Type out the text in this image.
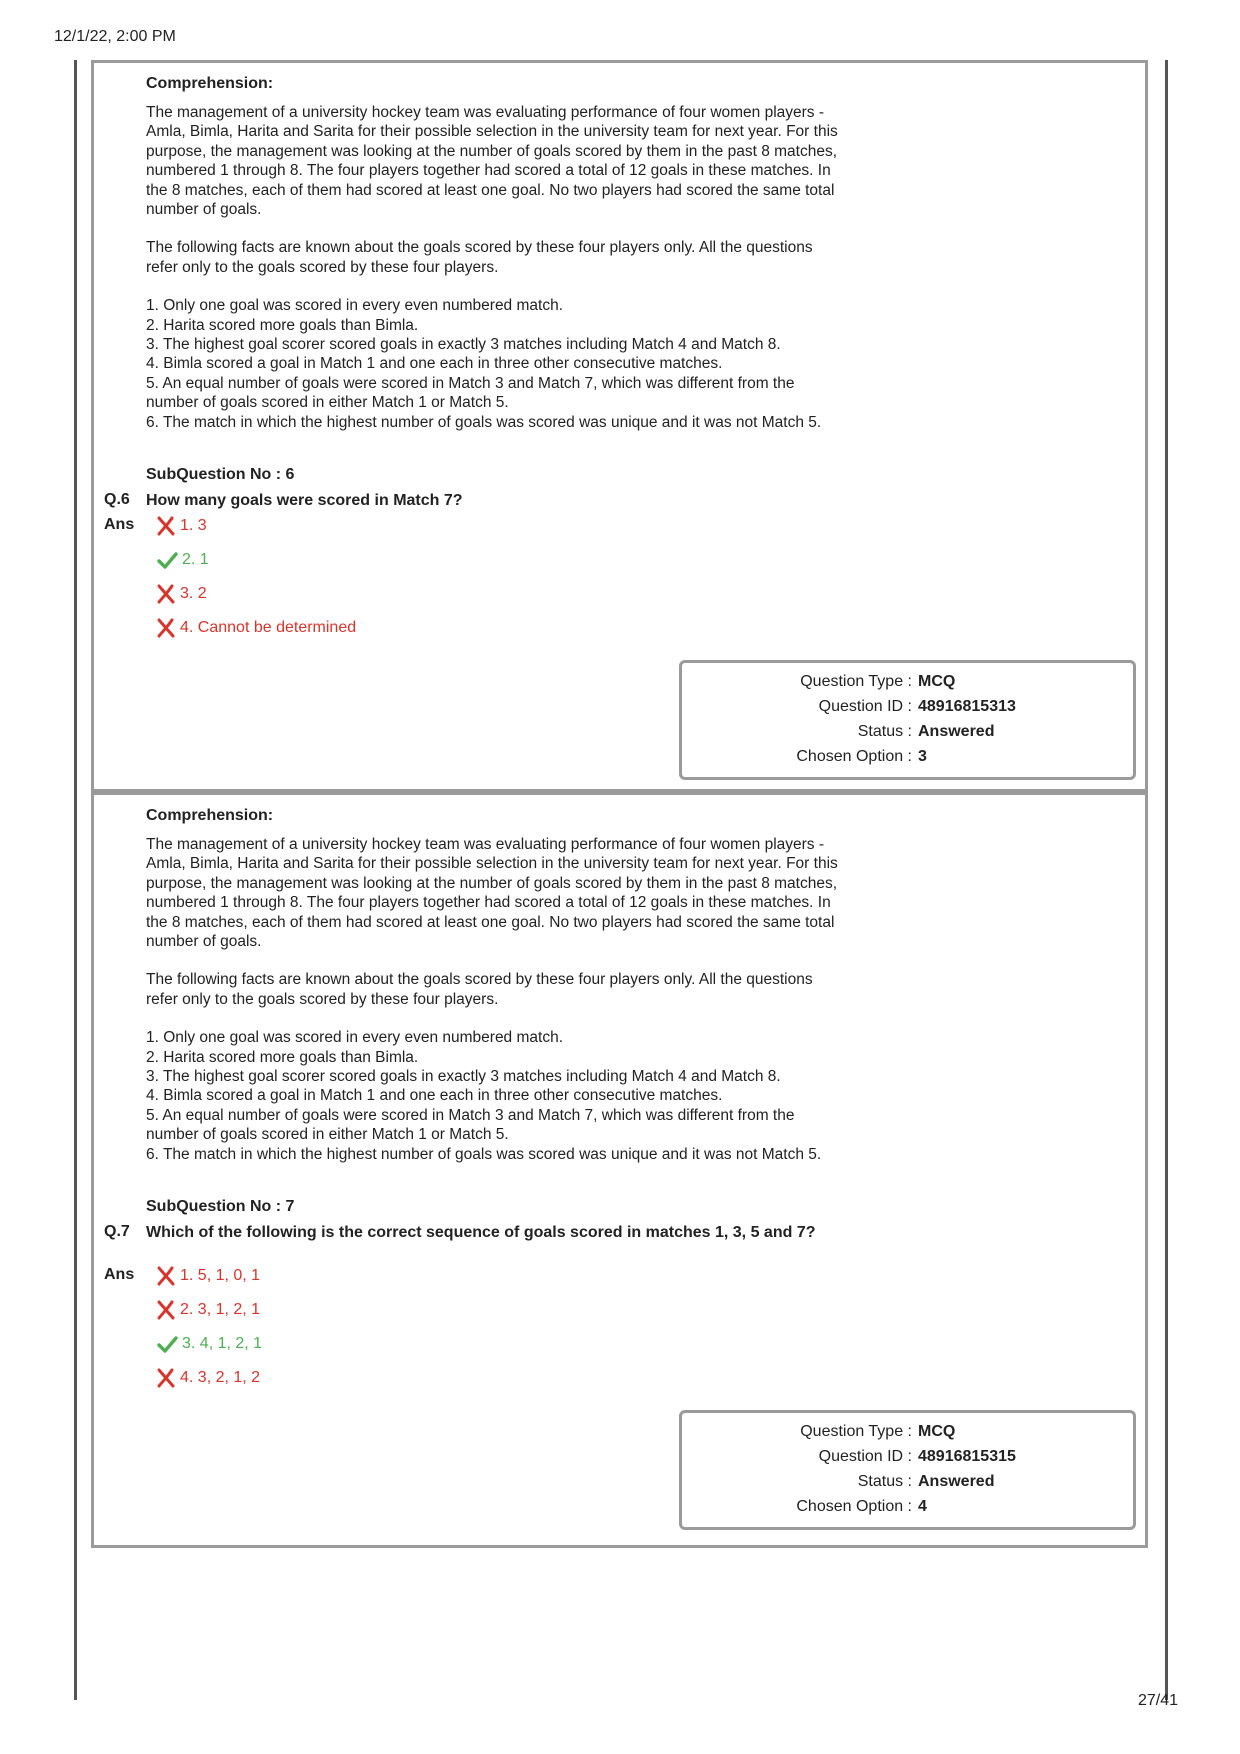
12/1/22, 2:00 PM
Comprehension:

The management of a university hockey team was evaluating performance of four women players - Amla, Bimla, Harita and Sarita for their possible selection in the university team for next year. For this purpose, the management was looking at the number of goals scored by them in the past 8 matches, numbered 1 through 8. The four players together had scored a total of 12 goals in these matches. In the 8 matches, each of them had scored at least one goal. No two players had scored the same total number of goals.

The following facts are known about the goals scored by these four players only. All the questions refer only to the goals scored by these four players.

1. Only one goal was scored in every even numbered match.
2. Harita scored more goals than Bimla.
3. The highest goal scorer scored goals in exactly 3 matches including Match 4 and Match 8.
4. Bimla scored a goal in Match 1 and one each in three other consecutive matches.
5. An equal number of goals were scored in Match 3 and Match 7, which was different from the number of goals scored in either Match 1 or Match 5.
6. The match in which the highest number of goals was scored was unique and it was not Match 5.
SubQuestion No : 6
Q.6	How many goals were scored in Match 7?
Ans	1. 3
2. 1
3. 2
4. Cannot be determined
Question Type : MCQ
Question ID : 48916815313
Status : Answered
Chosen Option : 3
Comprehension:

The management of a university hockey team was evaluating performance of four women players - Amla, Bimla, Harita and Sarita for their possible selection in the university team for next year. For this purpose, the management was looking at the number of goals scored by them in the past 8 matches, numbered 1 through 8. The four players together had scored a total of 12 goals in these matches. In the 8 matches, each of them had scored at least one goal. No two players had scored the same total number of goals.

The following facts are known about the goals scored by these four players only. All the questions refer only to the goals scored by these four players.

1. Only one goal was scored in every even numbered match.
2. Harita scored more goals than Bimla.
3. The highest goal scorer scored goals in exactly 3 matches including Match 4 and Match 8.
4. Bimla scored a goal in Match 1 and one each in three other consecutive matches.
5. An equal number of goals were scored in Match 3 and Match 7, which was different from the number of goals scored in either Match 1 or Match 5.
6. The match in which the highest number of goals was scored was unique and it was not Match 5.
SubQuestion No : 7
Q.7	Which of the following is the correct sequence of goals scored in matches 1, 3, 5 and 7?
Ans	1. 5, 1, 0, 1
2. 3, 1, 2, 1
3. 4, 1, 2, 1
4. 3, 2, 1, 2
Question Type : MCQ
Question ID : 48916815315
Status : Answered
Chosen Option : 4
27/41
